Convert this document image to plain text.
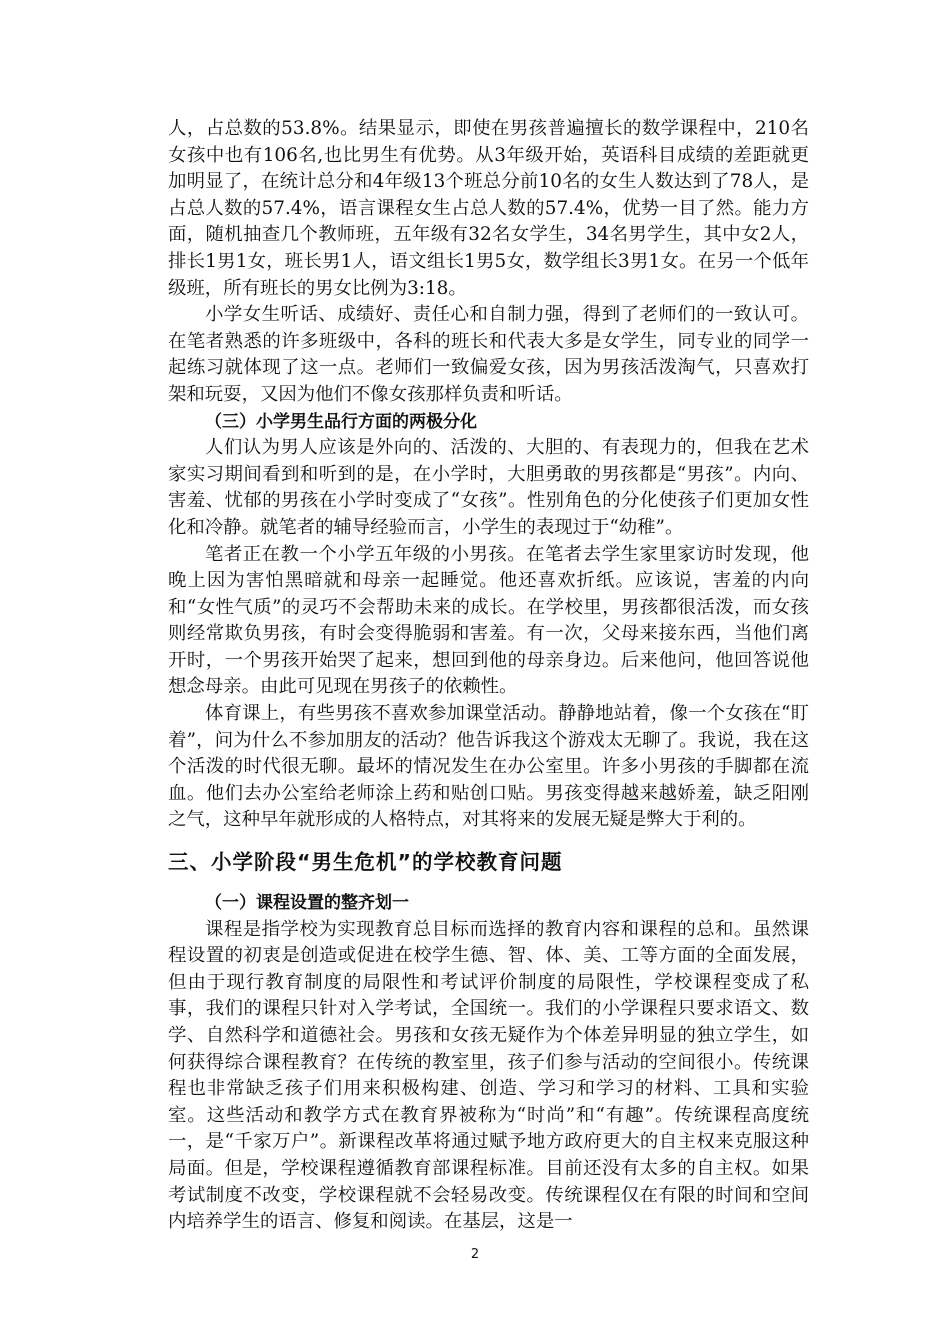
人，占总数的53.8%。结果显示，即使在男孩普遍擅长的数学课程中，210名女孩中也有106名,也比男生有优势。从3年级开始，英语科目成绩的差距就更加明显了，在统计总分和4年级13个班总分前10名的女生人数达到了78人，是占总人数的57.4%，语言课程女生占总人数的57.4%，优势一目了然。能力方面，随机抽查几个教师班，五年级有32名女学生，34名男学生，其中女2人，排长1男1女，班长男1人，语文组长1男5女，数学组长3男1女。在另一个低年级班，所有班长的男女比例为3:18。

小学女生听话、成绩好、责任心和自制力强，得到了老师们的一致认可。在笔者熟悉的许多班级中，各科的班长和代表大多是女学生，同专业的同学一起练习就体现了这一点。老师们一致偏爱女孩，因为男孩活泼淘气，只喜欢打架和玩耍，又因为他们不像女孩那样负责和听话。

（三）小学男生品行方面的两极分化

人们认为男人应该是外向的、活泼的、大胆的、有表现力的，但我在艺术家实习期间看到和听到的是，在小学时，大胆勇敢的男孩都是“男孩”。内向、害羞、忧郁的男孩在小学时变成了“女孩”。性别角色的分化使孩子们更加女性化和冷静。就笔者的辅导经验而言，小学生的表现过于“幼稚”。

笔者正在教一个小学五年级的小男孩。在笔者去学生家里家访时发现，他晚上因为害怕黑暗就和母亲一起睡觉。他还喜欢折纸。应该说，害羞的内向和“女性气质”的灵巧不会帮助未来的成长。在学校里，男孩都很活泼，而女孩则经常欺负男孩，有时会变得脆弱和害羞。有一次，父母来接东西，当他们离开时，一个男孩开始哭了起来，想回到他的母亲身边。后来他问，他回答说他想念母亲。由此可见现在男孩子的依赖性。

体育课上，有些男孩不喜欢参加课堂活动。静静地站着，像一个女孩在“盯着”，问为什么不参加朋友的活动？他告诉我这个游戏太无聊了。我说，我在这个活泼的时代很无聊。最坏的情况发生在办公室里。许多小男孩的手脚都在流血。他们去办公室给老师涂上药和贴创口贴。男孩变得越来越娇羞，缺乏阳刚之气，这种早年就形成的人格特点，对其将来的发展无疑是弊大于利的。

三、小学阶段“男生危机”的学校教育问题
（一）课程设置的整齐划一

课程是指学校为实现教育总目标而选择的教育内容和课程的总和。虽然课程设置的初衷是创造或促进在校学生德、智、体、美、工等方面的全面发展，但由于现行教育制度的局限性和考试评价制度的局限性，学校课程变成了私事，我们的课程只针对入学考试，全国统一。我们的小学课程只要求语文、数学、自然科学和道德社会。男孩和女孩无疑作为个体差异明显的独立学生，如何获得综合课程教育？在传统的教室里，孩子们参与活动的空间很小。传统课程也非常缺乏孩子们用来积极构建、创造、学习和学习的材料、工具和实验室。这些活动和教学方式在教育界被称为“时尚”和“有趣”。传统课程高度统一，是“千家万户”。新课程改革将通过赋予地方政府更大的自主权来克服这种局面。但是，学校课程遵循教育部课程标准。目前还没有太多的自主权。如果考试制度不改变，学校课程就不会轻易改变。传统课程仅在有限的时间和空间内培养学生的语言、修复和阅读。在基层，这是一

2
